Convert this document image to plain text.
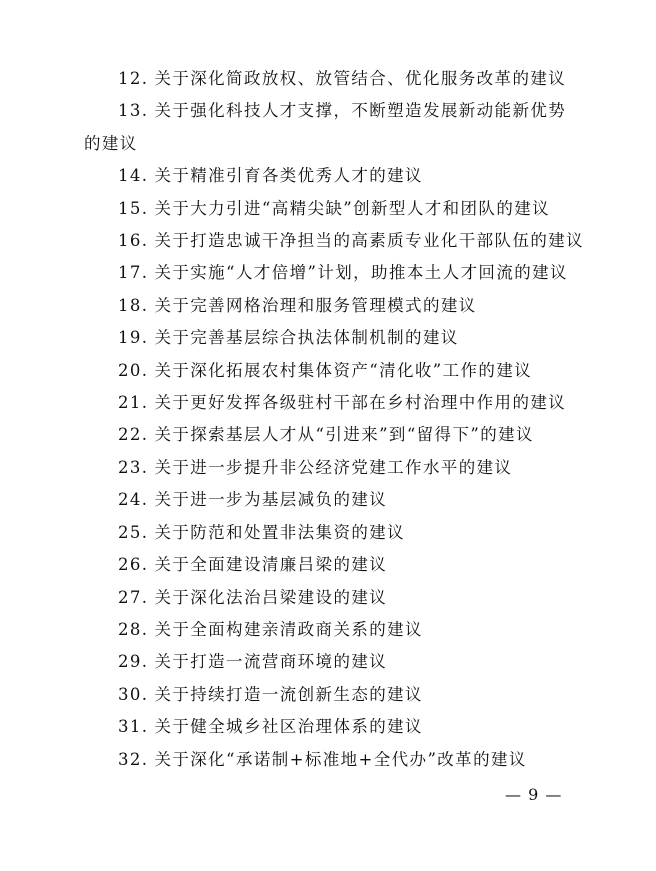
12. 关于深化简政放权、放管结合、优化服务改革的建议
13. 关于强化科技人才支撑，不断塑造发展新动能新优势
的建议
14. 关于精准引育各类优秀人才的建议
15. 关于大力引进“高精尖缺”创新型人才和团队的建议
16. 关于打造忠诚干净担当的高素质专业化干部队伍的建议
17. 关于实施“人才倍增”计划，助推本土人才回流的建议
18. 关于完善网格治理和服务管理模式的建议
19. 关于完善基层综合执法体制机制的建议
20. 关于深化拓展农村集体资产“清化收”工作的建议
21. 关于更好发挥各级驻村干部在乡村治理中作用的建议
22. 关于探索基层人才从“引进来”到“留得下”的建议
23. 关于进一步提升非公经济党建工作水平的建议
24. 关于进一步为基层减负的建议
25. 关于防范和处置非法集资的建议
26. 关于全面建设清廉吕梁的建议
27. 关于深化法治吕梁建设的建议
28. 关于全面构建亲清政商关系的建议
29. 关于打造一流营商环境的建议
30. 关于持续打造一流创新生态的建议
31. 关于健全城乡社区治理体系的建议
32. 关于深化“承诺制+标准地+全代办”改革的建议
— 9 —
